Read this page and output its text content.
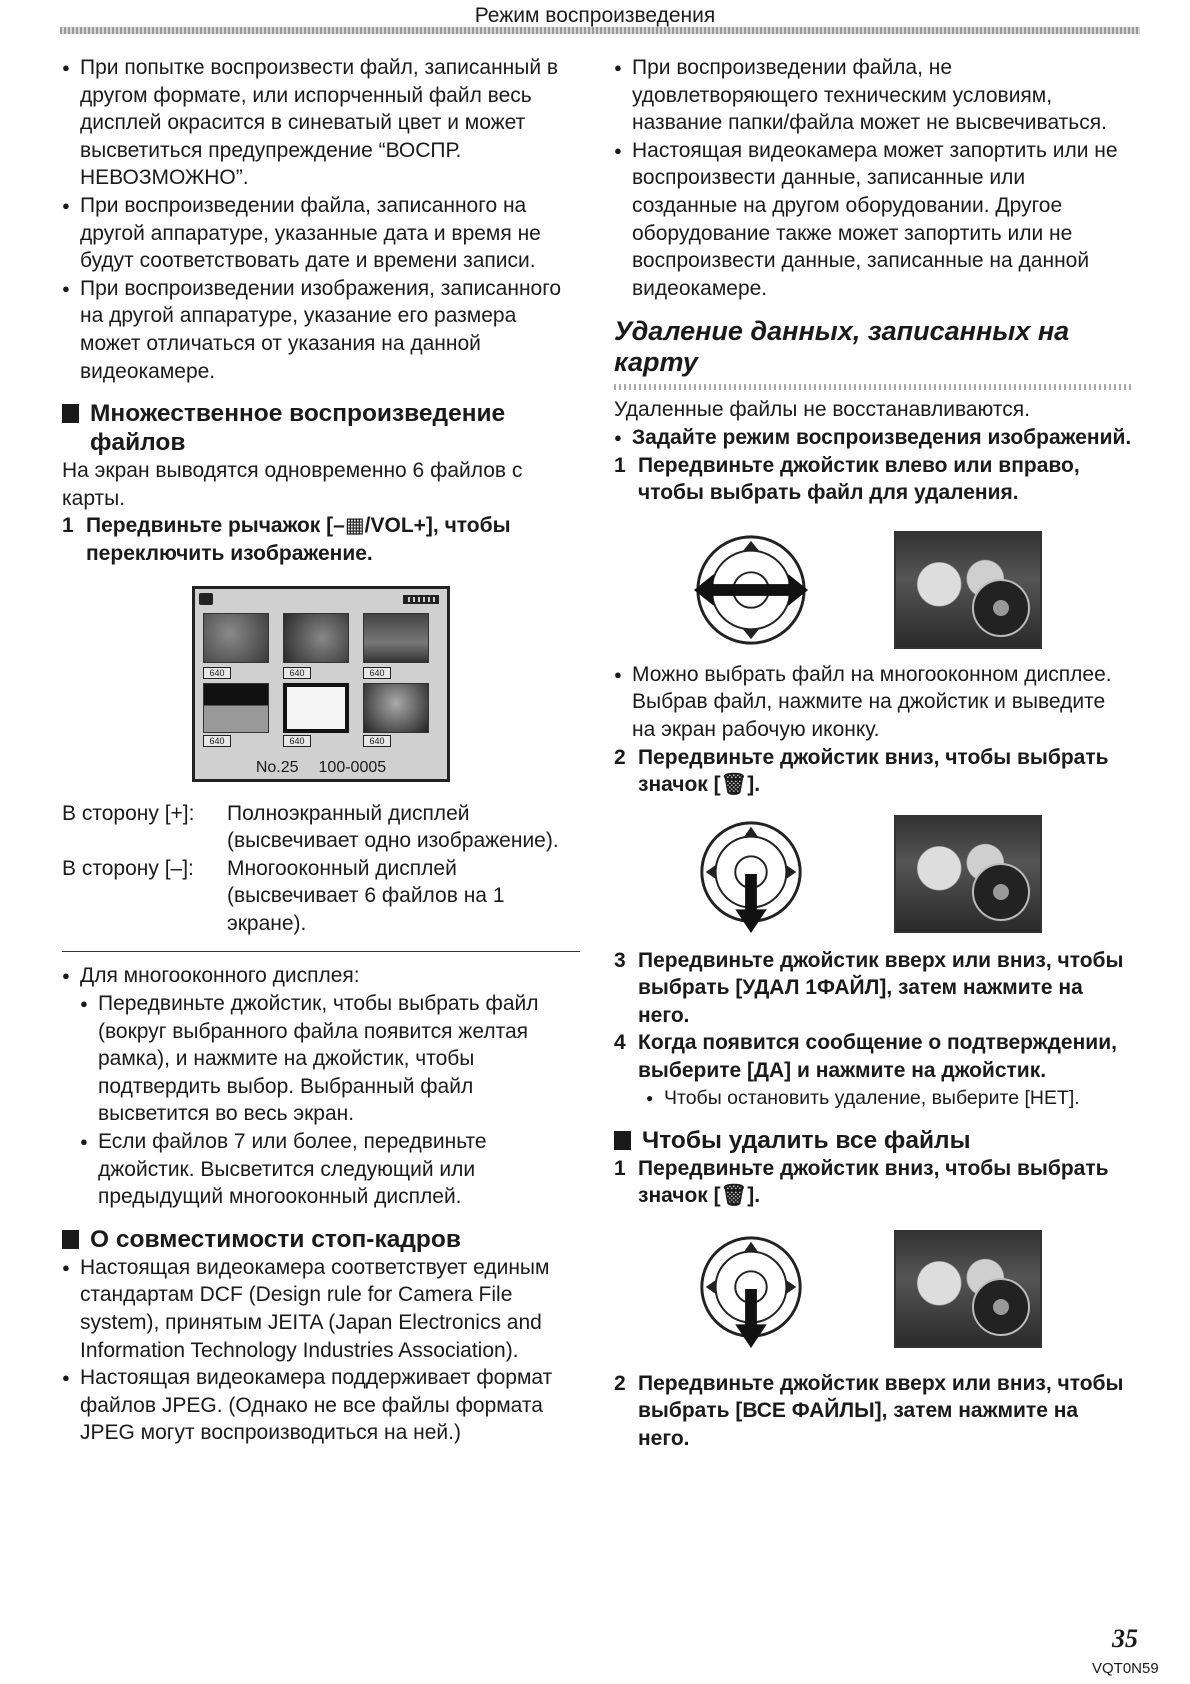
Режим воспроизведения
● При попытке воспроизвести файл, записанный в другом формате, или испорченный файл весь дисплей окрасится в синеватый цвет и может высветиться предупреждение “ВОСПР. НЕВОЗМОЖНО”.
● При воспроизведении файла, записанного на другой аппаратуре, указанные дата и время не будут соответствовать дате и времени записи.
● При воспроизведении изображения, записанного на другой аппаратуре, указание его размера может отличаться от указания на данной видеокамере.
Множественное воспроизведение файлов
На экран выводятся одновременно 6 файлов с карты.
1 Передвиньте рычажок [–▦/VOL+], чтобы переключить изображение.
640	640	640
640	640	640
No.25 100-0005
В сторону [+]:	Полноэкранный дисплей (высвечивает одно изображение).
В сторону [–]:	Многооконный дисплей (высвечивает 6 файлов на 1 экране).
● Для многооконного дисплея:
● Передвиньте джойстик, чтобы выбрать файл (вокруг выбранного файла появится желтая рамка), и нажмите на джойстик, чтобы подтвердить выбор. Выбранный файл высветится во весь экран.
● Если файлов 7 или более, передвиньте джойстик. Высветится следующий или предыдущий многооконный дисплей.
О совместимости стоп-кадров
● Настоящая видеокамера соответствует единым стандартам DCF (Design rule for Camera File system), принятым JEITA (Japan Electronics and Information Technology Industries Association).
● Настоящая видеокамера поддерживает формат файлов JPEG. (Однако не все файлы формата JPEG могут воспроизводиться на ней.)
● При воспроизведении файла, не удовлетворяющего техническим условиям, название папки/файла может не высвечиваться.
● Настоящая видеокамера может запортить или не воспроизвести данные, записанные или созданные на другом оборудовании. Другое оборудование также может запортить или не воспроизвести данные, записанные на данной видеокамере.
Удаление данных, записанных на карту
Удаленные файлы не восстанавливаются.
● Задайте режим воспроизведения изображений.
1 Передвиньте джойстик влево или вправо, чтобы выбрать файл для удаления.
● Можно выбрать файл на многооконном дисплее. Выбрав файл, нажмите на джойстик и выведите на экран рабочую иконку.
2 Передвиньте джойстик вниз, чтобы выбрать значок [🗑].
3 Передвиньте джойстик вверх или вниз, чтобы выбрать [УДАЛ 1ФАЙЛ], затем нажмите на него.
4 Когда появится сообщение о подтверждении, выберите [ДА] и нажмите на джойстик.
● Чтобы остановить удаление, выберите [НЕТ].
Чтобы удалить все файлы
1 Передвиньте джойстик вниз, чтобы выбрать значок [🗑].
2 Передвиньте джойстик вверх или вниз, чтобы выбрать [ВСЕ ФАЙЛЫ], затем нажмите на него.
35
VQT0N59
